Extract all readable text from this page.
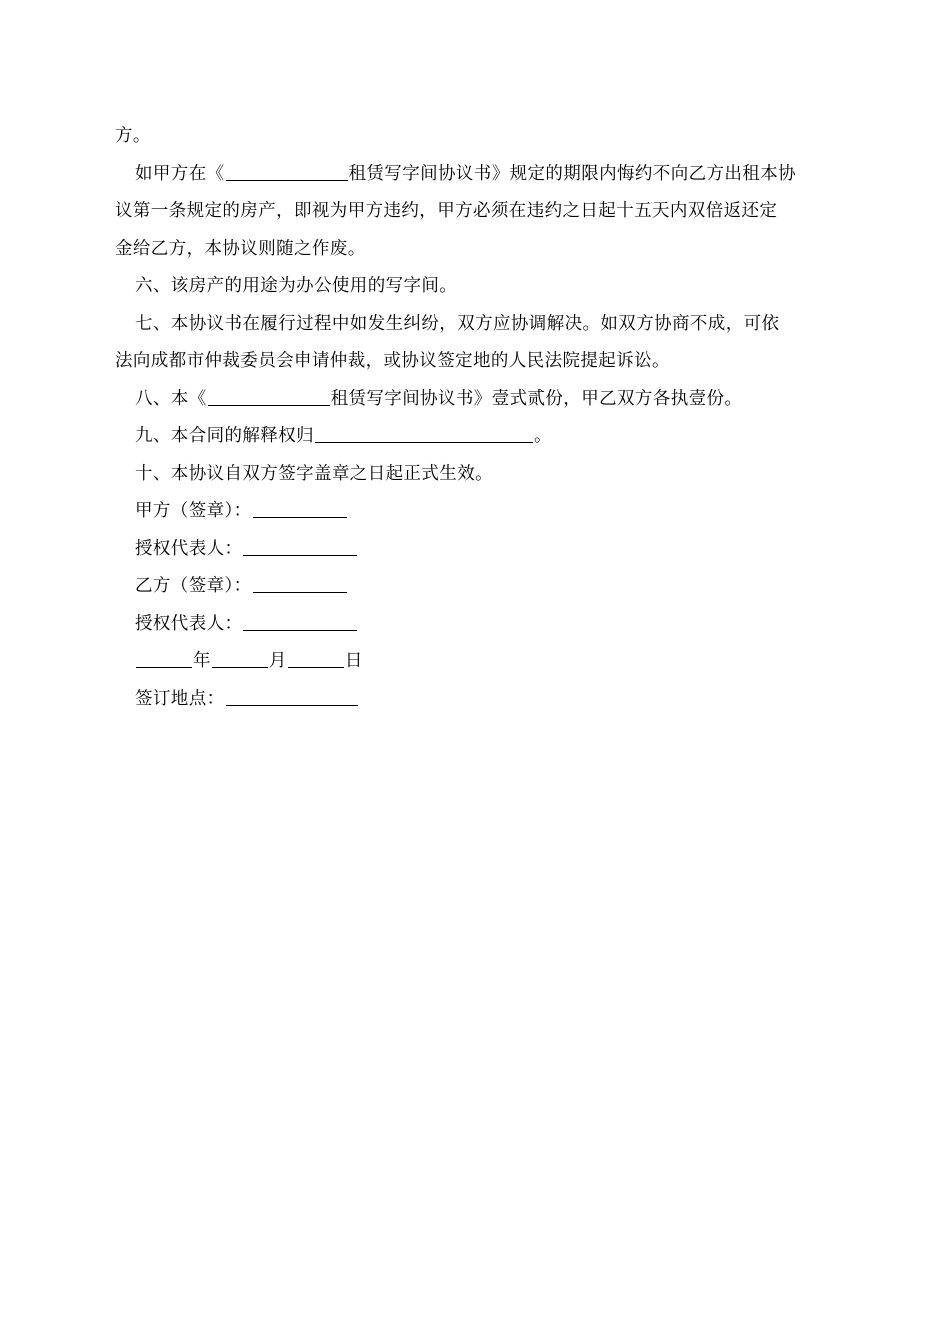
方。

如甲方在《	租赁写字间协议书》规定的期限内悔约不向乙方出租本协
议第一条规定的房产，即视为甲方违约，甲方必须在违约之日起十五天内双倍返还定
金给乙方，本协议则随之作废。

六、该房产的用途为办公使用的写字间。

七、本协议书在履行过程中如发生纠纷，双方应协调解决。如双方协商不成，可依
法向成都市仲裁委员会申请仲裁，或协议签定地的人民法院提起诉讼。

八、本《	租赁写字间协议书》壹式贰份，甲乙双方各执壹份。

九、本合同的解释权归	。

十、本协议自双方签字盖章之日起正式生效。

甲方（签章）：
授权代表人：
乙方（签章）：
授权代表人：
年	月	日
签订地点：
